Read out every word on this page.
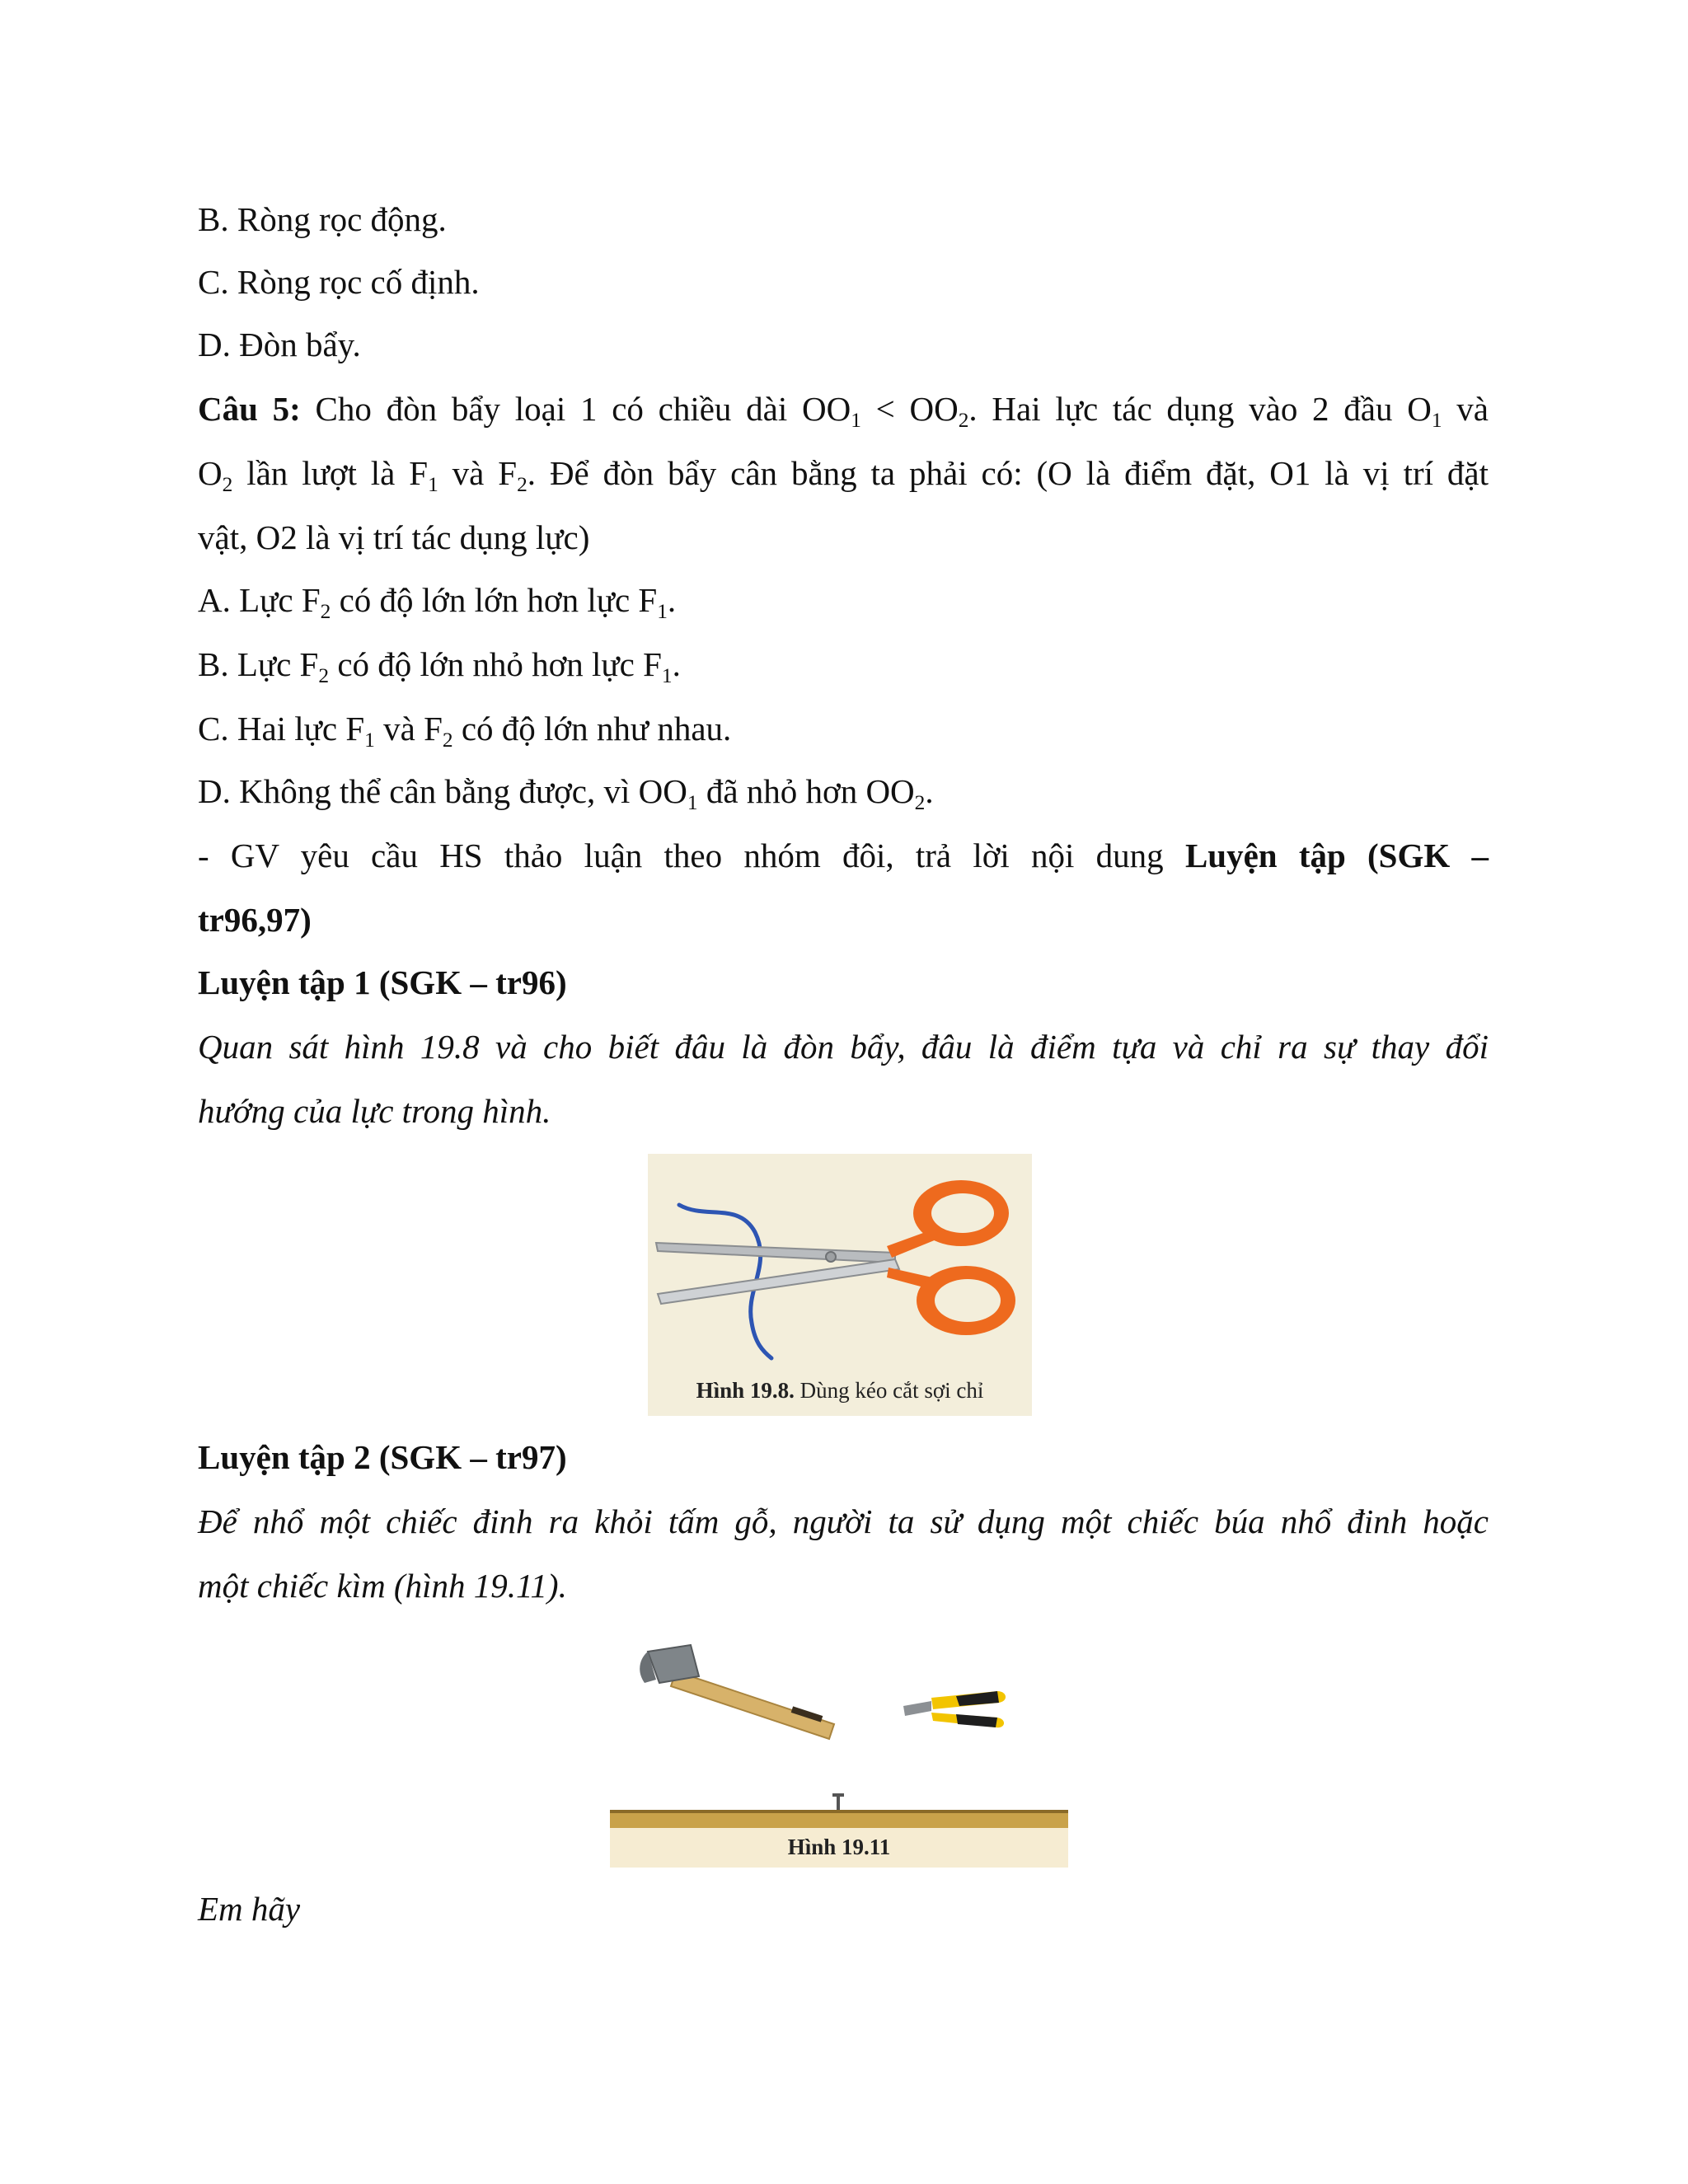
B. Ròng rọc động.
C. Ròng rọc cố định.
D. Đòn bẩy.
Câu 5: Cho đòn bẩy loại 1 có chiều dài $OO_1 < OO_2$. Hai lực tác dụng vào 2 đầu $O_1$ và
$O_2$ lần lượt là $F_1$ và $F_2$. Để đòn bẩy cân bằng ta phải có: (O là điểm đặt, O1 là vị trí đặt
vật, O2 là vị trí tác dụng lực)
A. Lực $F_2$ có độ lớn lớn hơn lực $F_1$.
B. Lực $F_2$ có độ lớn nhỏ hơn lực $F_1$.
C. Hai lực $F_1$ và $F_2$ có độ lớn như nhau.
D. Không thể cân bằng được, vì $OO_1$ đã nhỏ hơn $OO_2$.
- GV yêu cầu HS thảo luận theo nhóm đôi, trả lời nội dung Luyện tập (SGK –
tr96,97)
Luyện tập 1 (SGK – tr96)
Quan sát hình 19.8 và cho biết đâu là đòn bẩy, đâu là điểm tựa và chỉ ra sự thay đổi
hướng của lực trong hình.
Hình 19.8. Dùng kéo cắt sợi chỉ
Luyện tập 2 (SGK – tr97)
Để nhổ một chiếc đinh ra khỏi tấm gỗ, người ta sử dụng một chiếc búa nhổ đinh hoặc
một chiếc kìm (hình 19.11).
Hình 19.11
Em hãy
